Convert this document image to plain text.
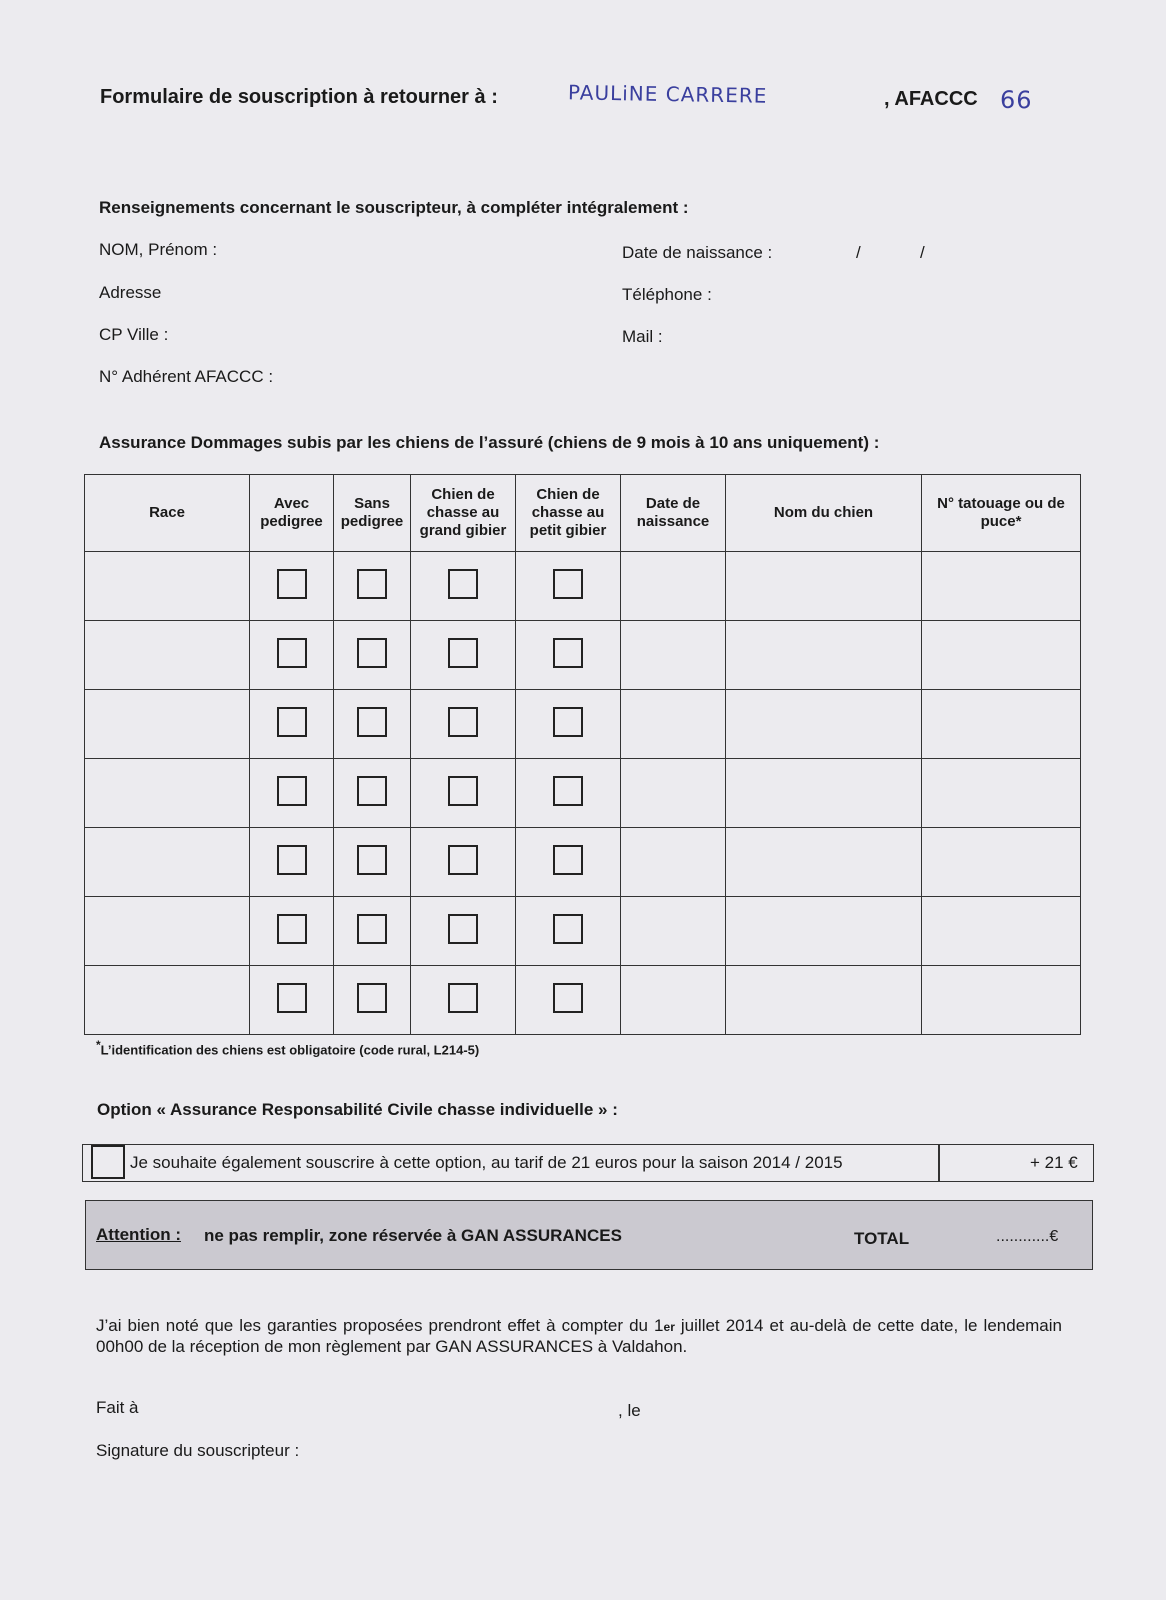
Formulaire de souscription à retourner à :	PAULiNE CARRERE	, AFACCC 66
Renseignements concernant le souscripteur, à compléter intégralement :
NOM, Prénom :
Adresse
CP Ville :
N° Adhérent AFACCC :
Date de naissance :	/	/
Téléphone :
Mail :
Assurance Dommages subis par les chiens de l’assuré (chiens de 9 mois à 10 ans uniquement) :
Race	Avec pedigree	Sans pedigree	Chien de chasse au grand gibier	Chien de chasse au petit gibier	Date de naissance	Nom du chien	N° tatouage ou de puce*

*L’identification des chiens est obligatoire (code rural, L214-5)
Option « Assurance Responsabilité Civile chasse individuelle » :
Je souhaite également souscrire à cette option, au tarif de 21 euros pour la saison 2014 / 2015	+ 21 €
Attention : ne pas remplir, zone réservée à GAN ASSURANCES	TOTAL	............€
J’ai bien noté que les garanties proposées prendront effet à compter du 1er juillet 2014 et au-delà de cette date, le lendemain 00h00 de la réception de mon règlement par GAN ASSURANCES à Valdahon.
Fait à	, le
Signature du souscripteur :
